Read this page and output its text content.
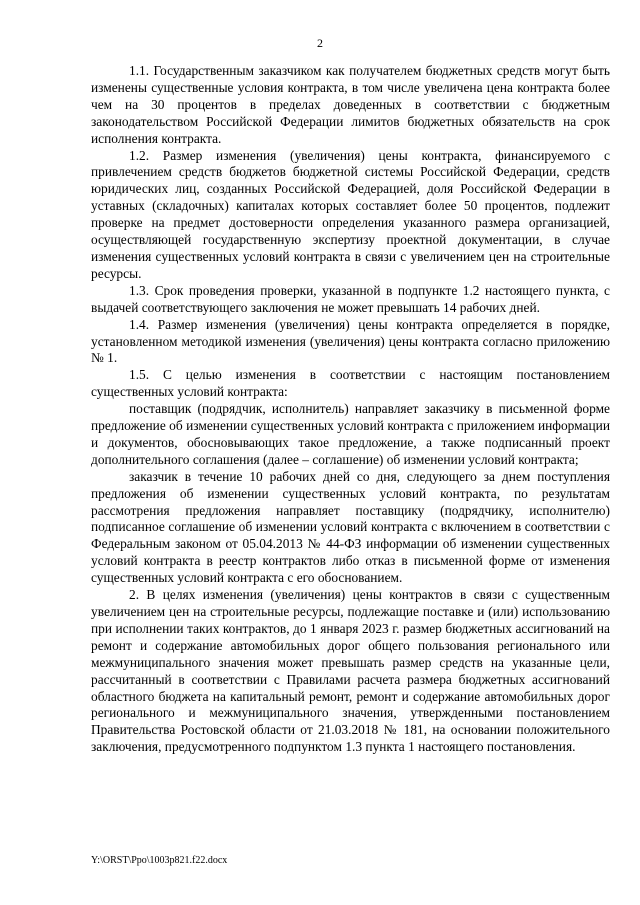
2

1.1. Государственным заказчиком как получателем бюджетных средств могут быть изменены существенные условия контракта, в том числе увеличена цена контракта более чем на 30 процентов в пределах доведенных в соответствии с бюджетным законодательством Российской Федерации лимитов бюджетных обязательств на срок исполнения контракта.

1.2. Размер изменения (увеличения) цены контракта, финансируемого с привлечением средств бюджетов бюджетной системы Российской Федерации, средств юридических лиц, созданных Российской Федерацией, доля Российской Федерации в уставных (складочных) капиталах которых составляет более 50 процентов, подлежит проверке на предмет достоверности определения указанного размера организацией, осуществляющей государственную экспертизу проектной документации, в случае изменения существенных условий контракта в связи с увеличением цен на строительные ресурсы.

1.3. Срок проведения проверки, указанной в подпункте 1.2 настоящего пункта, с выдачей соответствующего заключения не может превышать 14 рабочих дней.

1.4. Размер изменения (увеличения) цены контракта определяется в порядке, установленном методикой изменения (увеличения) цены контракта согласно приложению № 1.

1.5. С целью изменения в соответствии с настоящим постановлением существенных условий контракта:

поставщик (подрядчик, исполнитель) направляет заказчику в письменной форме предложение об изменении существенных условий контракта с приложением информации и документов, обосновывающих такое предложение, а также подписанный проект дополнительного соглашения (далее – соглашение) об изменении условий контракта;

заказчик в течение 10 рабочих дней со дня, следующего за днем поступления предложения об изменении существенных условий контракта, по результатам рассмотрения предложения направляет поставщику (подрядчику, исполнителю) подписанное соглашение об изменении условий контракта с включением в соответствии с Федеральным законом от 05.04.2013 № 44-ФЗ информации об изменении существенных условий контракта в реестр контрактов либо отказ в письменной форме от изменения существенных условий контракта с его обоснованием.

2. В целях изменения (увеличения) цены контрактов в связи с существенным увеличением цен на строительные ресурсы, подлежащие поставке и (или) использованию при исполнении таких контрактов, до 1 января 2023 г. размер бюджетных ассигнований на ремонт и содержание автомобильных дорог общего пользования регионального или межмуниципального значения может превышать размер средств на указанные цели, рассчитанный в соответствии с Правилами расчета размера бюджетных ассигнований областного бюджета на капитальный ремонт, ремонт и содержание автомобильных дорог регионального и межмуниципального значения, утвержденными постановлением Правительства Ростовской области от 21.03.2018 № 181, на основании положительного заключения, предусмотренного подпунктом 1.3 пункта 1 настоящего постановления.

Y:\ORST\Ppo\1003p821.f22.docx
